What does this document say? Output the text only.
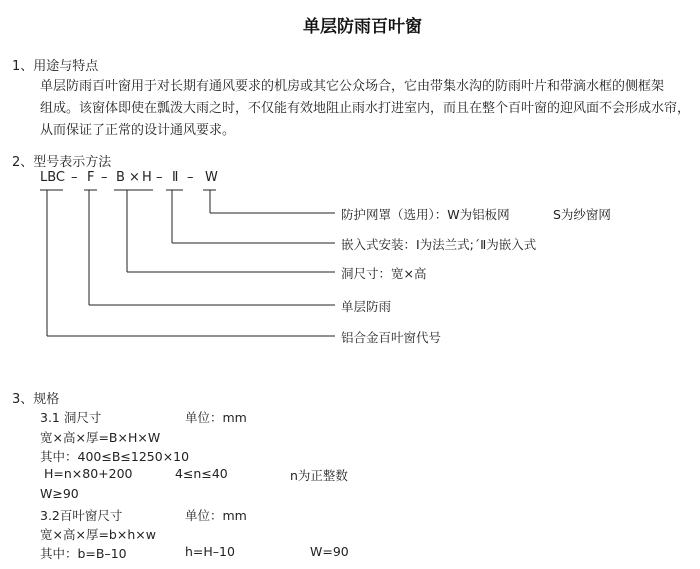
单层防雨百叶窗
1、用途与特点
单层防雨百叶窗用于对长期有通风要求的机房或其它公众场合，它由带集水沟的防雨叶片和带滴水框的侧框架
组成。该窗体即使在瓢泼大雨之时，不仅能有效地阻止雨水打进室内，而且在整个百叶窗的迎风面不会形成水帘，
从而保证了正常的设计通风要求。
2、型号表示方法
LBC – F – B × H – Ⅱ – W
防护网罩（选用）：W为铝板网	S为纱窗网
嵌入式安装：Ⅰ为法兰式;ˊⅡ为嵌入式
洞尺寸：宽×高
单层防雨
铝合金百叶窗代号
3、规格
3.1 洞尺寸	单位：mm
宽×高×厚=B×H×W
其中：400≤B≤1250×10
H=n×80+200	4≤n≤40	n为正整数
W≥90
3.2百叶窗尺寸	单位：mm
宽×高×厚=b×h×w
其中：b=B–10	h=H–10	W=90
